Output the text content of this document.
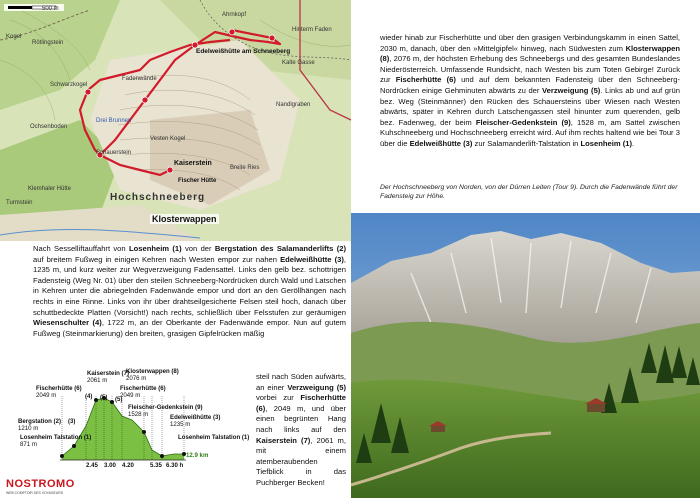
500 m
Hinterm Faden
Ahrnkopf
Kogel
Edelweißhütte am Schneeberg
Rötlingstein
Fadenwände
Schwarzkogel
Vesten Kogel
Kaiserstein
Fischer Hütte
Hochschneeberg
Klosterwappen
Turmstein
Klemhaler Hütte
Schauerstein
Drei Brunnen
Kalte Gasse
Nandlgraben
Breite Ries
Ochsenboden
wieder hinab zur Fischerhütte und über den grasigen Verbindungskamm in einen Sattel, 2030 m, danach, über den »Mittelgipfel« hinweg, nach Südwesten zum Klosterwappen (8), 2076 m, der höchsten Erhebung des Schneebergs und des gesamten Bundeslandes Niederösterreich. Umfassende Rundsicht, nach Westen bis zum Toten Gebirge! Zurück zur Fischerhütte (6) und auf dem bekannten Fadensteig über den Schneeberg-Nordrücken einige Gehminuten abwärts zu der Verzweigung (5). Links ab und auf grün bez. Weg (Steinmänner) den Rücken des Schauersteins über Wiesen nach Westen abwärts, später in Kehren durch Latschengassen steil hinunter zum querenden, gelb bez. Fadenweg, der beim Fleischer-Gedenkstein (9), 1528 m, am Sattel zwischen Kuhschneeberg und Hochschneeberg erreicht wird. Auf ihm rechts haltend wie bei Tour 3 über die Edelweißhütte (3) zur Salamanderlift-Talstation in Losenheim (1).
Der Hochschneeberg von Norden, von der Dürren Leiten (Tour 9). Durch die Fadenwände führt der Fadensteig zur Höhe.
Nach Sesselliftauffahrt von Losenheim (1) von der Bergstation des Salamanderlifts (2) auf breitem Fußweg in einigen Kehren nach Westen empor zur nahen Edelweißhütte (3), 1235 m, und kurz weiter zur Wegverzweigung Fadensattel. Links den gelb bez. schottrigen Fadensteig (Weg Nr. 01) über den steilen Schneeberg-Nordrücken durch Wald und Latschen in Kehren unter die abriegelnden Fadenwände empor und dort an den Geröllhängen nach rechts in eine Rinne. Links von ihr über drahtseilgesicherte Felsen steil hoch, danach über schuttbedeckte Platten (Vorsicht!) nach rechts, schließlich über Felsstufen zur geräumigen Wiesenschulter (4), 1722 m, an der Oberkante der Fadenwände empor. Nun auf gutem Fußweg (Steinmarkierung) den breiten, grasigen Gipfelrücken mäßig
steil nach Süden aufwärts, an einer Verzweigung (5) vorbei zur Fischerhütte (6), 2049 m, und über einen begrünten Hang nach links auf den Kaiserstein (7), 2061 m, mit einem atemberaubenden Tiefblick in das Puchberger Becken!
Kaiserstein (7)
2061 m
Klosterwappen (8)
2076 m
Fischerhütte (6)
2049 m
Fischerhütte (6)
2049 m
Fleischer-Gedenkstein (9)
1528 m
Bergstation (2)
1210 m
(3)
Edelweißhütte (3)
1235 m
Losenheim Talstation (1)
871 m
Losenheim Talstation (1)
(4) (5) (5)
2.45 3.00 4.20	5.35 6.30 h
12.9 km
NOSTROMO
WEB COMPTOIR DES VOYAGEURS
